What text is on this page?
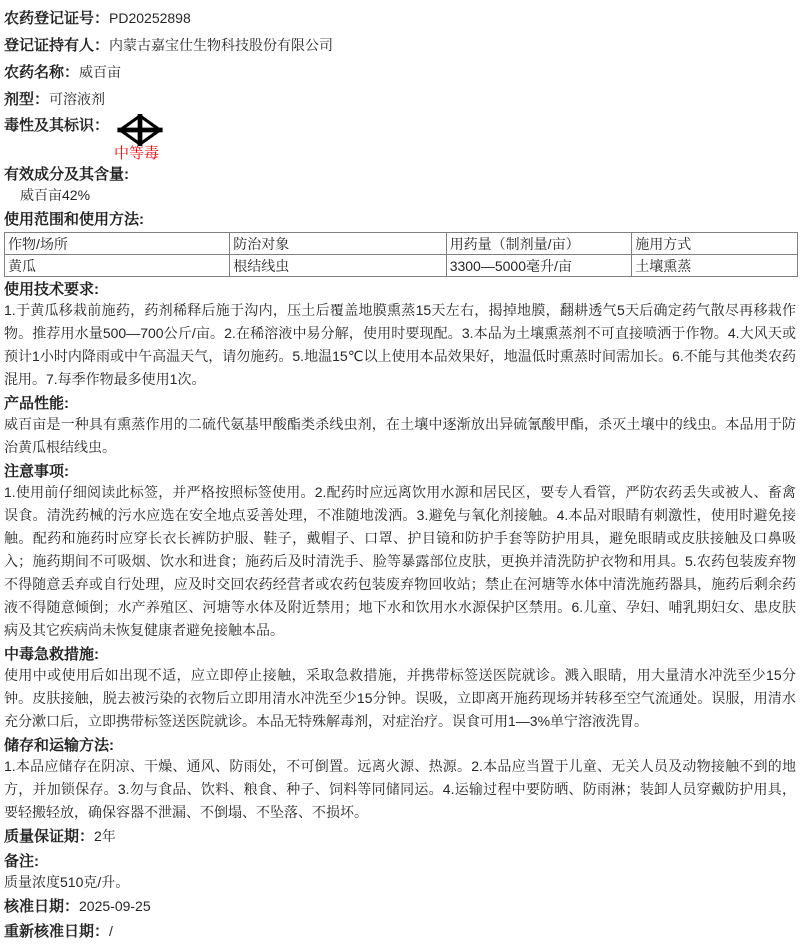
农药登记证号：PD20252898
登记证持有人：内蒙古嘉宝仕生物科技股份有限公司
农药名称：威百亩
剂型：可溶液剂
毒性及其标识：
中等毒
有效成分及其含量:

威百亩42%

使用范围和使用方法:
作物/场所	防治对象	用药量（制剂量/亩）	施用方式
黄瓜	根结线虫	3300—5000毫升/亩	土壤熏蒸
使用技术要求:

1.于黄瓜移栽前施药，药剂稀释后施于沟内，压土后覆盖地膜熏蒸15天左右，揭掉地膜，翻耕透气5天后确定药气散尽再移栽作物。推荐用水量500—700公斤/亩。2.在稀溶液中易分解，使用时要现配。3.本品为土壤熏蒸剂不可直接喷洒于作物。4.大风天或预计1小时内降雨或中午高温天气，请勿施药。5.地温15℃以上使用本品效果好，地温低时熏蒸时间需加长。6.不能与其他类农药混用。7.每季作物最多使用1次。

产品性能:

威百亩是一种具有熏蒸作用的二硫代氨基甲酸酯类杀线虫剂，在土壤中逐渐放出异硫氰酸甲酯，杀灭土壤中的线虫。本品用于防治黄瓜根结线虫。

注意事项:

1.使用前仔细阅读此标签，并严格按照标签使用。2.配药时应远离饮用水源和居民区，要专人看管，严防农药丢失或被人、畜禽误食。清洗药械的污水应选在安全地点妥善处理，不准随地泼洒。3.避免与氧化剂接触。4.本品对眼睛有刺激性，使用时避免接触。配药和施药时应穿长衣长裤防护服、鞋子，戴帽子、口罩、护目镜和防护手套等防护用具，避免眼睛或皮肤接触及口鼻吸入；施药期间不可吸烟、饮水和进食；施药后及时清洗手、脸等暴露部位皮肤，更换并清洗防护衣物和用具。5.农药包装废弃物不得随意丢弃或自行处理，应及时交回农药经营者或农药包装废弃物回收站；禁止在河塘等水体中清洗施药器具，施药后剩余药液不得随意倾倒；水产养殖区、河塘等水体及附近禁用；地下水和饮用水水源保护区禁用。6.儿童、孕妇、哺乳期妇女、患皮肤病及其它疾病尚未恢复健康者避免接触本品。

中毒急救措施:

使用中或使用后如出现不适，应立即停止接触，采取急救措施，并携带标签送医院就诊。溅入眼睛，用大量清水冲洗至少15分钟。皮肤接触，脱去被污染的衣物后立即用清水冲洗至少15分钟。误吸，立即离开施药现场并转移至空气流通处。误服，用清水充分漱口后，立即携带标签送医院就诊。本品无特殊解毒剂，对症治疗。误食可用1—3%单宁溶液洗胃。

储存和运输方法:

1.本品应储存在阴凉、干燥、通风、防雨处，不可倒置。远离火源、热源。2.本品应当置于儿童、无关人员及动物接触不到的地方，并加锁保存。3.勿与食品、饮料、粮食、种子、饲料等同储同运。4.运输过程中要防晒、防雨淋；装卸人员穿戴防护用具，要轻搬轻放，确保容器不泄漏、不倒塌、不坠落、不损坏。

质量保证期：2年
备注:

质量浓度510克/升。

核准日期：2025-09-25
重新核准日期：/
